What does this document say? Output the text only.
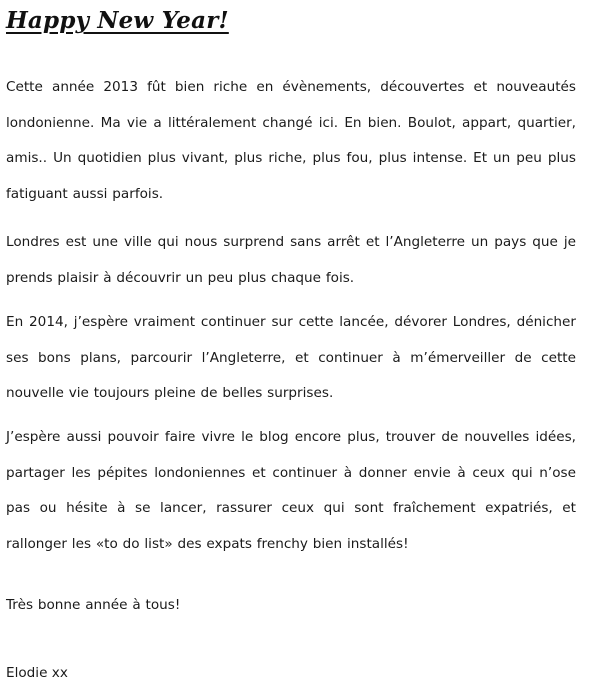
Happy New Year!

Cette année 2013 fût bien riche en évènements, découvertes et nouveautés londonienne. Ma vie a littéralement changé ici. En bien. Boulot, appart, quartier, amis.. Un quotidien plus vivant, plus riche, plus fou, plus intense. Et un peu plus fatiguant aussi parfois.

Londres est une ville qui nous surprend sans arrêt et l’Angleterre un pays que je prends plaisir à découvrir un peu plus chaque fois.

En 2014, j’espère vraiment continuer sur cette lancée, dévorer Londres, dénicher ses bons plans, parcourir l’Angleterre, et continuer à m’émerveiller de cette nouvelle vie toujours pleine de belles surprises.

J’espère aussi pouvoir faire vivre le blog encore plus, trouver de nouvelles idées, partager les pépites londoniennes et continuer à donner envie à ceux qui n’ose pas ou hésite à se lancer, rassurer ceux qui sont fraîchement expatriés, et rallonger les «to do list» des expats frenchy bien installés!

Très bonne année à tous!

Elodie xx
